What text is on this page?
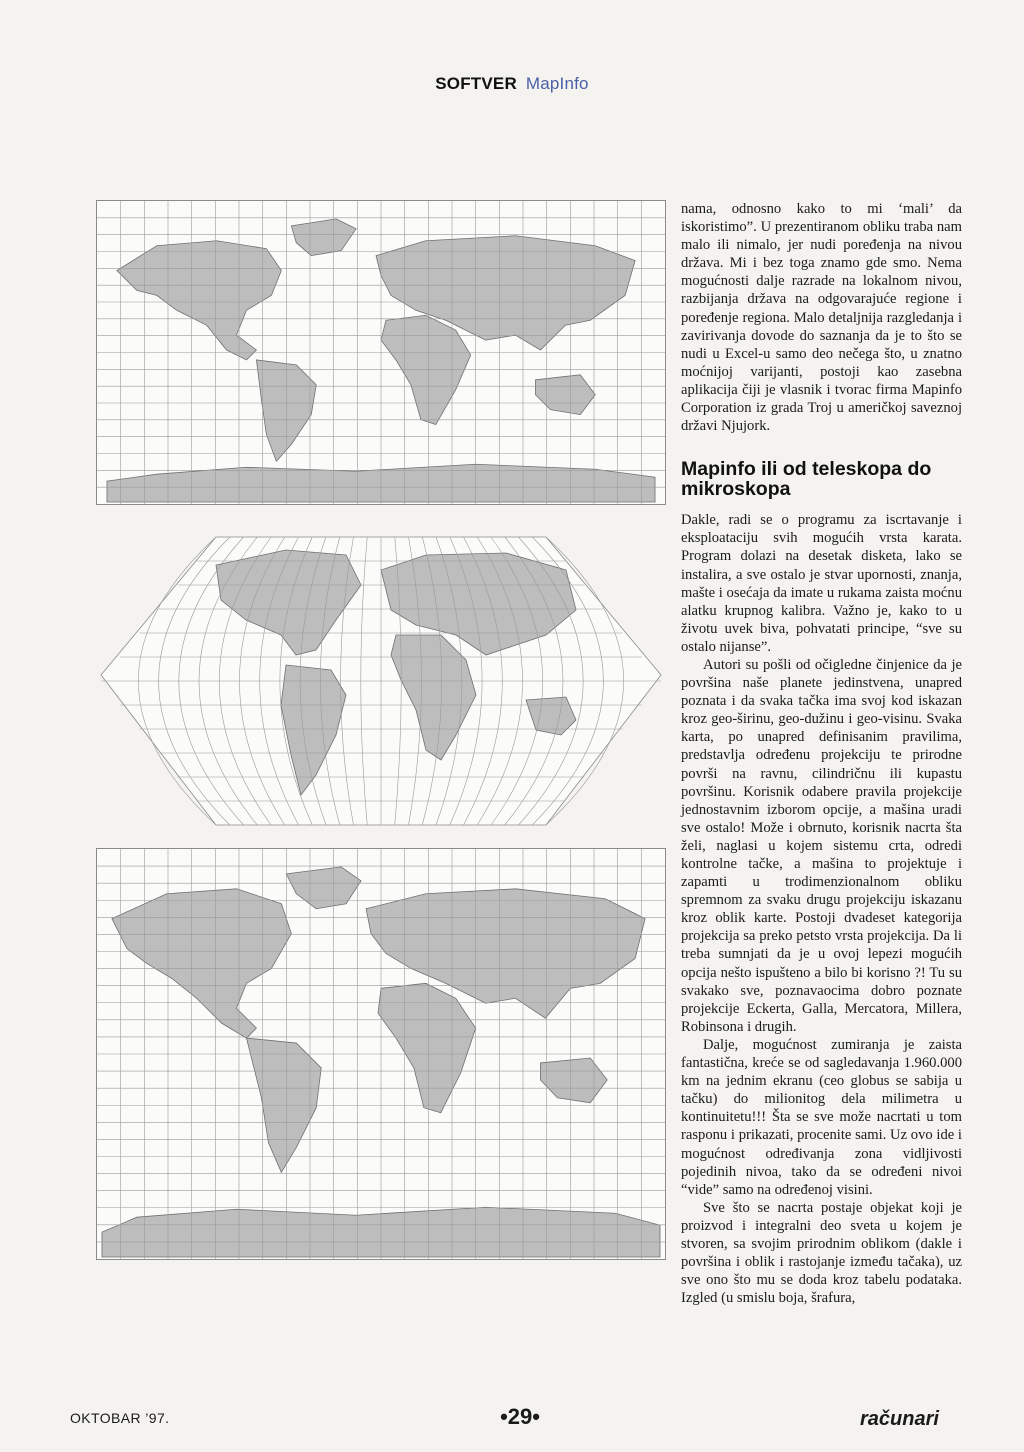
SOFTVER MapInfo

nama, odnosno kako to mi ‘mali’ da iskoristimo”. U prezentiranom obliku traba nam malo ili nimalo, jer nudi poređenja na nivou država. Mi i bez toga znamo gde smo. Nema mogućnosti dalje razrade na lokalnom nivou, razbijanja država na odgovarajuće regione i poređenje regiona. Malo detaljnija razgledanja i zavirivanja dovode do saznanja da je to što se nudi u Excel-u samo deo nečega što, u znatno moćnijoj varijanti, postoji kao zasebna aplikacija čiji je vlasnik i tvorac firma Mapinfo Corporation iz grada Troj u američkoj saveznoj državi Njujork.

Mapinfo ili od teleskopa do mikroskopa

Dakle, radi se o programu za iscrtavanje i eksploataciju svih mogućih vrsta karata. Program dolazi na desetak disketa, lako se instalira, a sve ostalo je stvar upornosti, znanja, mašte i osećaja da imate u rukama zaista moćnu alatku krupnog kalibra. Važno je, kako to u životu uvek biva, pohvatati principe, “sve su ostalo nijanse”.

Autori su pošli od očigledne činjenice da je površina naše planete jedinstvena, unapred poznata i da svaka tačka ima svoj kod iskazan kroz geo-širinu, geo-dužinu i geo-visinu. Svaka karta, po unapred definisanim pravilima, predstavlja određenu projekciju te prirodne površi na ravnu, cilindričnu ili kupastu površinu. Korisnik odabere pravila projekcije jednostavnim izborom opcije, a mašina uradi sve ostalo! Može i obrnuto, korisnik nacrta šta želi, naglasi u kojem sistemu crta, odredi kontrolne tačke, a mašina to projektuje i zapamti u trodimenzionalnom obliku spremnom za svaku drugu projekciju iskazanu kroz oblik karte. Postoji dvadeset kategorija projekcija sa preko petsto vrsta projekcija. Da li treba sumnjati da je u ovoj lepezi mogućih opcija nešto ispušteno a bilo bi korisno ?! Tu su svakako sve, poznavaocima dobro poznate projekcije Eckerta, Galla, Mercatora, Millera, Robinsona i drugih.

Dalje, mogućnost zumiranja je zaista fantastična, kreće se od sagledavanja 1.960.000 km na jednim ekranu (ceo globus se sabija u tačku) do milionitog dela milimetra u kontinuitetu!!! Šta se sve može nacrtati u tom rasponu i prikazati, procenite sami. Uz ovo ide i mogućnost određivanja zona vidljivosti pojedinih nivoa, tako da se određeni nivoi “vide” samo na određenoj visini.

Sve što se nacrta postaje objekat koji je proizvod i integralni deo sveta u kojem je stvoren, sa svojim prirodnim oblikom (dakle i površina i oblik i rastojanje između tačaka), uz sve ono što mu se doda kroz tabelu podataka. Izgled (u smislu boja, šrafura,

OKTOBAR ’97.	•29•	računari
